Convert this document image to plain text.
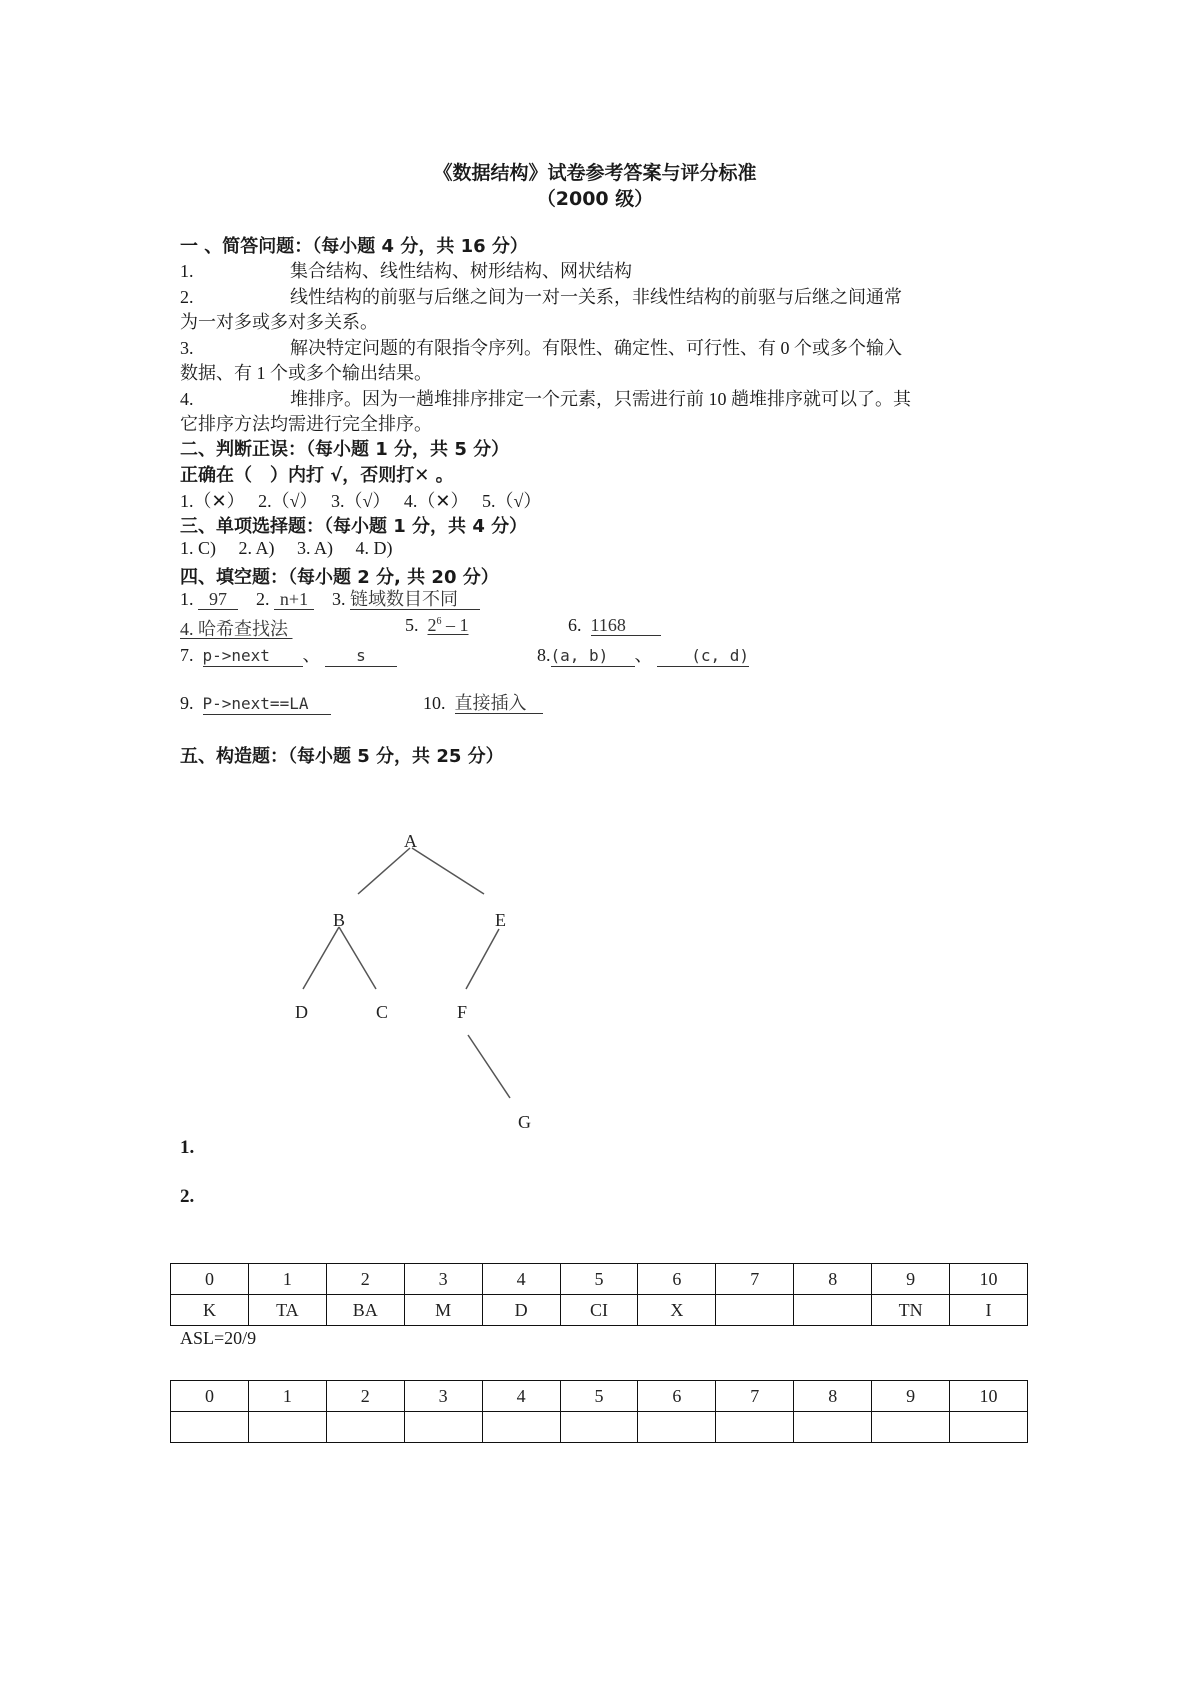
《数据结构》试卷参考答案与评分标准
（2000 级）
一 、简答问题：（每小题 4 分，共 16 分）
1.	集合结构、线性结构、树形结构、网状结构
2.	线性结构的前驱与后继之间为一对一关系，非线性结构的前驱与后继之间通常
为一对多或多对多关系。
3.	解决特定问题的有限指令序列。有限性、确定性、可行性、有 0 个或多个输入
数据、有 1 个或多个输出结果。
4.	堆排序。因为一趟堆排序排定一个元素，只需进行前 10 趟堆排序就可以了。其
它排序方法均需进行完全排序。
二、判断正误：（每小题 1 分，共 5 分）
正确在（　）内打 √，否则打✕ 。
1.（✕） 2.（√） 3.（√） 4.（✕） 5.（√）
三、单项选择题：（每小题 1 分，共 4 分）
1. C) 2. A) 3. A) 4. D)
四、填空题：（每小题 2 分, 共 20 分）
1. 97 2. n+1 3. 链域数目不同
4. 哈希查找法	5. $2^6 - 1$	6. 1168
7. p->next 、 s	8.(a, b) 、 (c, d)
9. P->next==LA	10. 直接插入
五、构造题：（每小题 5 分，共 25 分）
A
B	E
D	C	F
G
1.
2.
0	1	2	3	4	5	6	7	8	9	10
K	TA	BA	M	D	CI	X			TN	I
ASL=20/9
0	1	2	3	4	5	6	7	8	9	10
